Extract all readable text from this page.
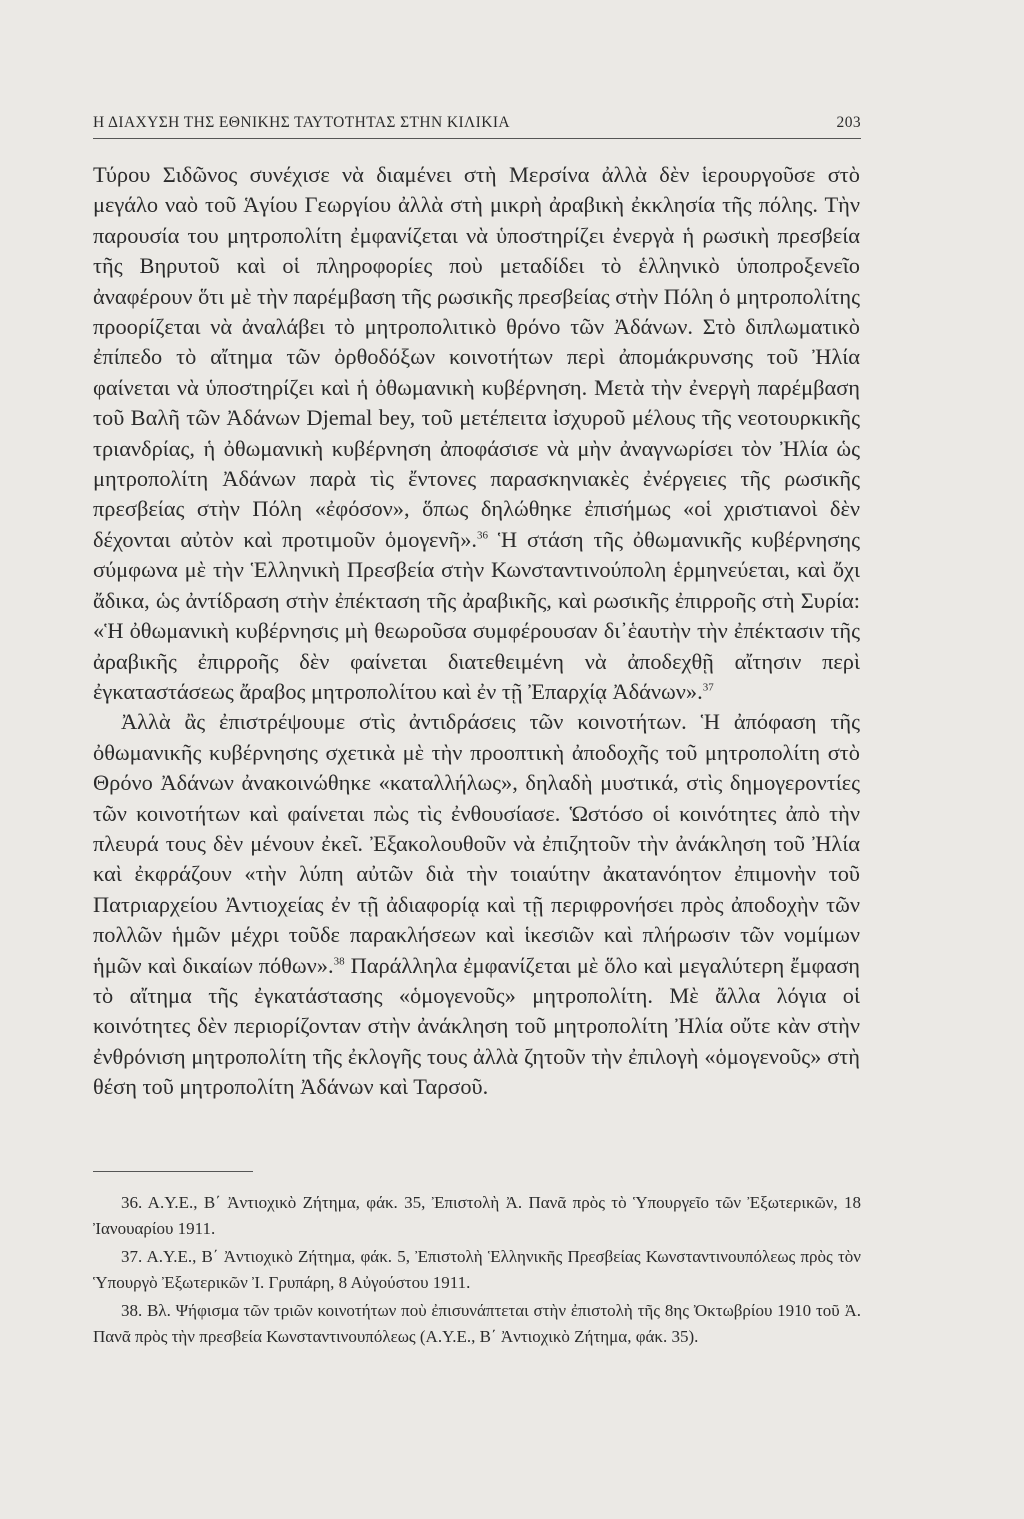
Η ΔΙΑΧΥΣΗ ΤΗΣ ΕΘΝΙΚΗΣ ΤΑΥΤΟΤΗΤΑΣ ΣΤΗΝ ΚΙΛΙΚΙΑ	203

Τύρου Σιδῶνος συνέχισε νὰ διαμένει στὴ Μερσίνα ἀλλὰ δὲν ἱερουργοῦσε στὸ μεγάλο ναὸ τοῦ Ἁγίου Γεωργίου ἀλλὰ στὴ μικρὴ ἀραβικὴ ἐκκλησία τῆς πόλης. Τὴν παρουσία του μητροπολίτη ἐμφανίζεται νὰ ὑποστηρίζει ἐνεργὰ ἡ ρωσικὴ πρεσβεία τῆς Βηρυτοῦ καὶ οἱ πληροφορίες ποὺ μεταδίδει τὸ ἑλληνικὸ ὑποπροξενεῖο ἀναφέρουν ὅτι μὲ τὴν παρέμβαση τῆς ρωσικῆς πρεσβείας στὴν Πόλη ὁ μητροπολίτης προορίζεται νὰ ἀναλάβει τὸ μητροπολιτικὸ θρόνο τῶν Ἀδάνων. Στὸ διπλωματικὸ ἐπίπεδο τὸ αἴτημα τῶν ὀρθοδόξων κοινοτήτων περὶ ἀπομάκρυνσης τοῦ Ἠλία φαίνεται νὰ ὑποστηρίζει καὶ ἡ ὀθωμανικὴ κυβέρνηση. Μετὰ τὴν ἐνεργὴ παρέμβαση τοῦ Βαλῆ τῶν Ἀδάνων Djemal bey, τοῦ μετέπειτα ἰσχυροῦ μέλους τῆς νεοτουρκικῆς τριανδρίας, ἡ ὀθωμανικὴ κυβέρνηση ἀποφάσισε νὰ μὴν ἀναγνωρίσει τὸν Ἠλία ὡς μητροπολίτη Ἀδάνων παρὰ τὶς ἔντονες παρασκηνιακὲς ἐνέργειες τῆς ρωσικῆς πρεσβείας στὴν Πόλη «ἐφόσον», ὅπως δηλώθηκε ἐπισήμως «οἱ χριστιανοὶ δὲν δέχονται αὐτὸν καὶ προτιμοῦν ὁμογενῆ».$^{36}$ Ἡ στάση τῆς ὀθωμανικῆς κυβέρνησης σύμφωνα μὲ τὴν Ἑλληνικὴ Πρεσβεία στὴν Κωνσταντινούπολη ἑρμηνεύεται, καὶ ὄχι ἄδικα, ὡς ἀντίδραση στὴν ἐπέκταση τῆς ἀραβικῆς, καὶ ρωσικῆς ἐπιρροῆς στὴ Συρία: «Ἡ ὀθωμανικὴ κυβέρνησις μὴ θεωροῦσα συμφέρουσαν δι᾿ἑαυτὴν τὴν ἐπέκτασιν τῆς ἀραβικῆς ἐπιρροῆς δὲν φαίνεται διατεθειμένη νὰ ἀποδεχθῇ αἴτησιν περὶ ἐγκαταστάσεως ἄραβος μητροπολίτου καὶ ἐν τῇ Ἐπαρχίᾳ Ἀδάνων».$^{37}$

Ἀλλὰ ἂς ἐπιστρέψουμε στὶς ἀντιδράσεις τῶν κοινοτήτων. Ἡ ἀπόφαση τῆς ὀθωμανικῆς κυβέρνησης σχετικὰ μὲ τὴν προοπτικὴ ἀποδοχῆς τοῦ μητροπολίτη στὸ Θρόνο Ἀδάνων ἀνακοινώθηκε «καταλλήλως», δηλαδὴ μυστικά, στὶς δημογεροντίες τῶν κοινοτήτων καὶ φαίνεται πὼς τὶς ἐνθουσίασε. Ὡστόσο οἱ κοινότητες ἀπὸ τὴν πλευρά τους δὲν μένουν ἐκεῖ. Ἐξακολουθοῦν νὰ ἐπιζητοῦν τὴν ἀνάκληση τοῦ Ἠλία καὶ ἐκφράζουν «τὴν λύπη αὐτῶν διὰ τὴν τοιαύτην ἀκατανόητον ἐπιμονὴν τοῦ Πατριαρχείου Ἀντιοχείας ἐν τῇ ἀδιαφορίᾳ καὶ τῇ περιφρονήσει πρὸς ἀποδοχὴν τῶν πολλῶν ἡμῶν μέχρι τοῦδε παρακλήσεων καὶ ἱκεσιῶν καὶ πλήρωσιν τῶν νομίμων ἡμῶν καὶ δικαίων πόθων».$^{38}$ Παράλληλα ἐμφανίζεται μὲ ὅλο καὶ μεγαλύτερη ἔμφαση τὸ αἴτημα τῆς ἐγκατάστασης «ὁμογενοῦς» μητροπολίτη. Μὲ ἄλλα λόγια οἱ κοινότητες δὲν περιορίζονταν στὴν ἀνάκληση τοῦ μητροπολίτη Ἠλία οὔτε κὰν στὴν ἐνθρόνιση μητροπολίτη τῆς ἐκλογῆς τους ἀλλὰ ζητοῦν τὴν ἐπιλογὴ «ὁμογενοῦς» στὴ θέση τοῦ μητροπολίτη Ἀδάνων καὶ Ταρσοῦ.

36. Α.Υ.Ε., Β΄ Ἀντιοχικὸ Ζήτημα, φάκ. 35, Ἐπιστολὴ Ἀ. Πανᾶ πρὸς τὸ Ὑπουργεῖο τῶν Ἐξωτερικῶν, 18 Ἰανουαρίου 1911.

37. Α.Υ.Ε., Β΄ Ἀντιοχικὸ Ζήτημα, φάκ. 5, Ἐπιστολὴ Ἑλληνικῆς Πρεσβείας Κωνσταντινουπόλεως πρὸς τὸν Ὑπουργὸ Ἐξωτερικῶν Ἰ. Γρυπάρη, 8 Αὐγούστου 1911.

38. Βλ. Ψήφισμα τῶν τριῶν κοινοτήτων ποὺ ἐπισυνάπτεται στὴν ἐπιστολὴ τῆς 8ης Ὀκτωβρίου 1910 τοῦ Ἀ. Πανᾶ πρὸς τὴν πρεσβεία Κωνσταντινουπόλεως (Α.Υ.Ε., Β΄ Ἀντιοχικὸ Ζήτημα, φάκ. 35).
